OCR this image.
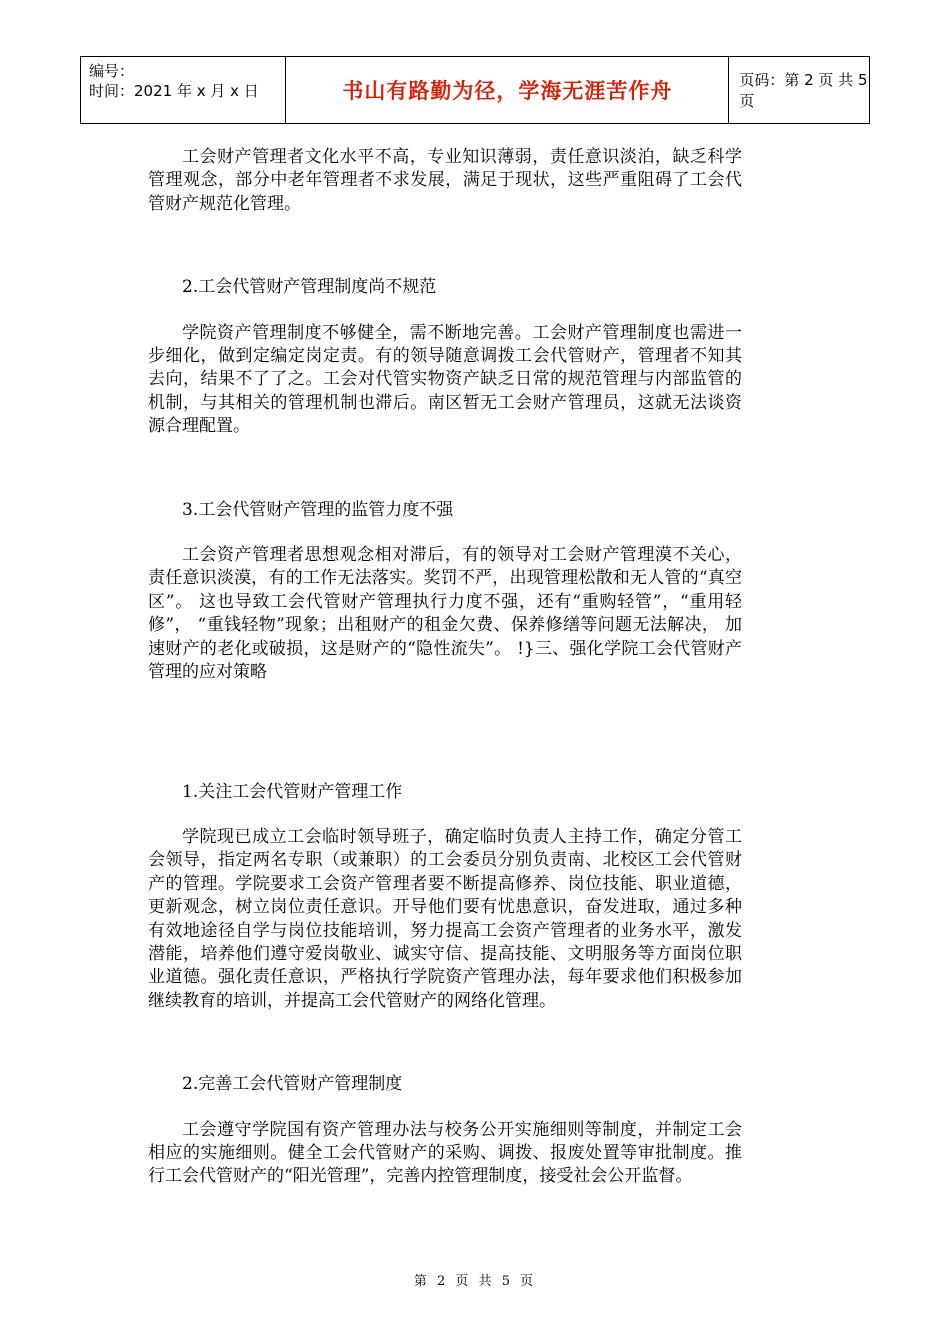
编号：
时间：2021 年 x 月 x 日	书山有路勤为径，学海无涯苦作舟	页码：第 2 页 共 5 页

工会财产管理者文化水平不高，专业知识薄弱，责任意识淡泊，缺乏科学管理观念，部分中老年管理者不求发展，满足于现状，这些严重阻碍了工会代管财产规范化管理。

2.工会代管财产管理制度尚不规范

学院资产管理制度不够健全，需不断地完善。工会财产管理制度也需进一步细化，做到定编定岗定责。有的领导随意调拨工会代管财产，管理者不知其去向，结果不了了之。工会对代管实物资产缺乏日常的规范管理与内部监管的机制，与其相关的管理机制也滞后。南区暂无工会财产管理员，这就无法谈资源合理配置。

3.工会代管财产管理的监管力度不强

工会资产管理者思想观念相对滞后，有的领导对工会财产管理漠不关心，责任意识淡漠，有的工作无法落实。奖罚不严，出现管理松散和无人管的“真空区”。 这也导致工会代管财产管理执行力度不强，还有“重购轻管”，“重用轻修”， “重钱轻物”现象；出租财产的租金欠费、保养修缮等问题无法解决， 加速财产的老化或破损，这是财产的“隐性流失”。 !}三、强化学院工会代管财产管理的应对策略

1.关注工会代管财产管理工作

学院现已成立工会临时领导班子，确定临时负责人主持工作，确定分管工会领导，指定两名专职（或兼职）的工会委员分别负责南、北校区工会代管财产的管理。学院要求工会资产管理者要不断提高修养、岗位技能、职业道德，更新观念，树立岗位责任意识。开导他们要有忧患意识，奋发进取，通过多种有效地途径自学与岗位技能培训，努力提高工会资产管理者的业务水平，激发潜能，培养他们遵守爱岗敬业、诚实守信、提高技能、文明服务等方面岗位职业道德。强化责任意识，严格执行学院资产管理办法，每年要求他们积极参加继续教育的培训，并提高工会代管财产的网络化管理。

2.完善工会代管财产管理制度

工会遵守学院国有资产管理办法与校务公开实施细则等制度，并制定工会相应的实施细则。健全工会代管财产的采购、调拨、报废处置等审批制度。推行工会代管财产的“阳光管理”，完善内控管理制度，接受社会公开监督。

第 2 页 共 5 页
